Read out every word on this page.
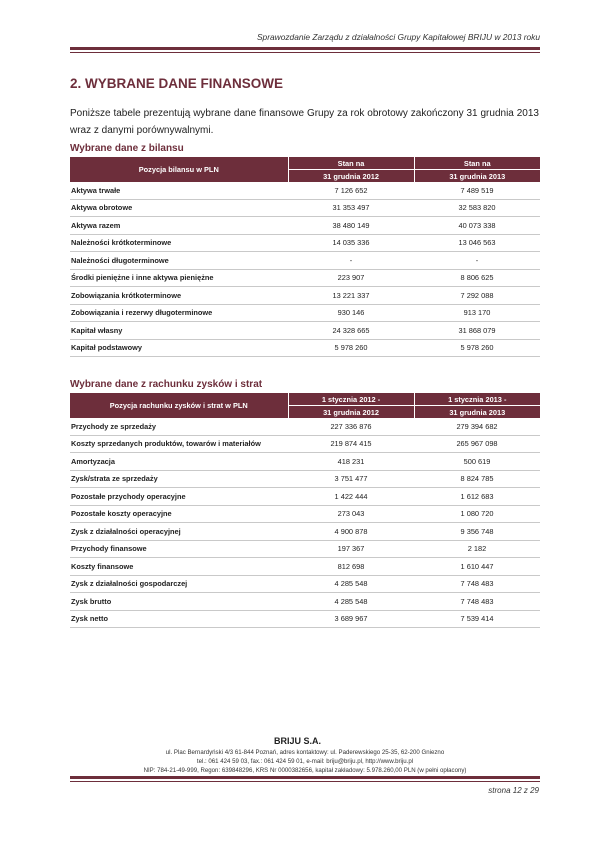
Sprawozdanie Zarządu z działalności Grupy Kapitałowej BRIJU w 2013 roku
2. WYBRANE DANE FINANSOWE
Poniższe tabele prezentują wybrane dane finansowe Grupy za rok obrotowy zakończony 31 grudnia 2013 wraz z danymi porównywalnymi.
Wybrane dane z bilansu
Pozycja bilansu w PLN	Stan na	Stan na
	31 grudnia 2012	31 grudnia 2013
Aktywa trwałe	7 126 652	7 489 519
Aktywa obrotowe	31 353 497	32 583 820
Aktywa razem	38 480 149	40 073 338
Należności krótkoterminowe	14 035 336	13 046 563
Należności długoterminowe	-	-
Środki pieniężne i inne aktywa pieniężne	223 907	8 806 625
Zobowiązania krótkoterminowe	13 221 337	7 292 088
Zobowiązania i rezerwy długoterminowe	930 146	913 170
Kapitał własny	24 328 665	31 868 079
Kapitał podstawowy	5 978 260	5 978 260
Wybrane dane z rachunku zysków i strat
Pozycja rachunku zysków i strat w PLN	1 stycznia 2012 -	1 stycznia 2013 -
	31 grudnia 2012	31 grudnia 2013
Przychody ze sprzedaży	227 336 876	279 394 682
Koszty sprzedanych produktów, towarów i materiałów	219 874 415	265 967 098
Amortyzacja	418 231	500 619
Zysk/strata ze sprzedaży	3 751 477	8 824 785
Pozostałe przychody operacyjne	1 422 444	1 612 683
Pozostałe koszty operacyjne	273 043	1 080 720
Zysk z działalności operacyjnej	4 900 878	9 356 748
Przychody finansowe	197 367	2 182
Koszty finansowe	812 698	1 610 447
Zysk z działalności gospodarczej	4 285 548	7 748 483
Zysk brutto	4 285 548	7 748 483
Zysk netto	3 689 967	7 539 414
BRIJU S.A.
ul. Plac Bernardyński 4/3 61-844 Poznań, adres kontaktowy: ul. Paderewskiego 25-35, 62-200 Gniezno
tel.: 061 424 59 03, fax.: 061 424 59 01, e-mail: briju@briju.pl, http://www.briju.pl
NIP: 784-21-49-999, Regon: 639848296, KRS Nr 0000382656, kapitał zakładowy: 5.978.260,00 PLN (w pełni opłacony)
strona 12 z 29
